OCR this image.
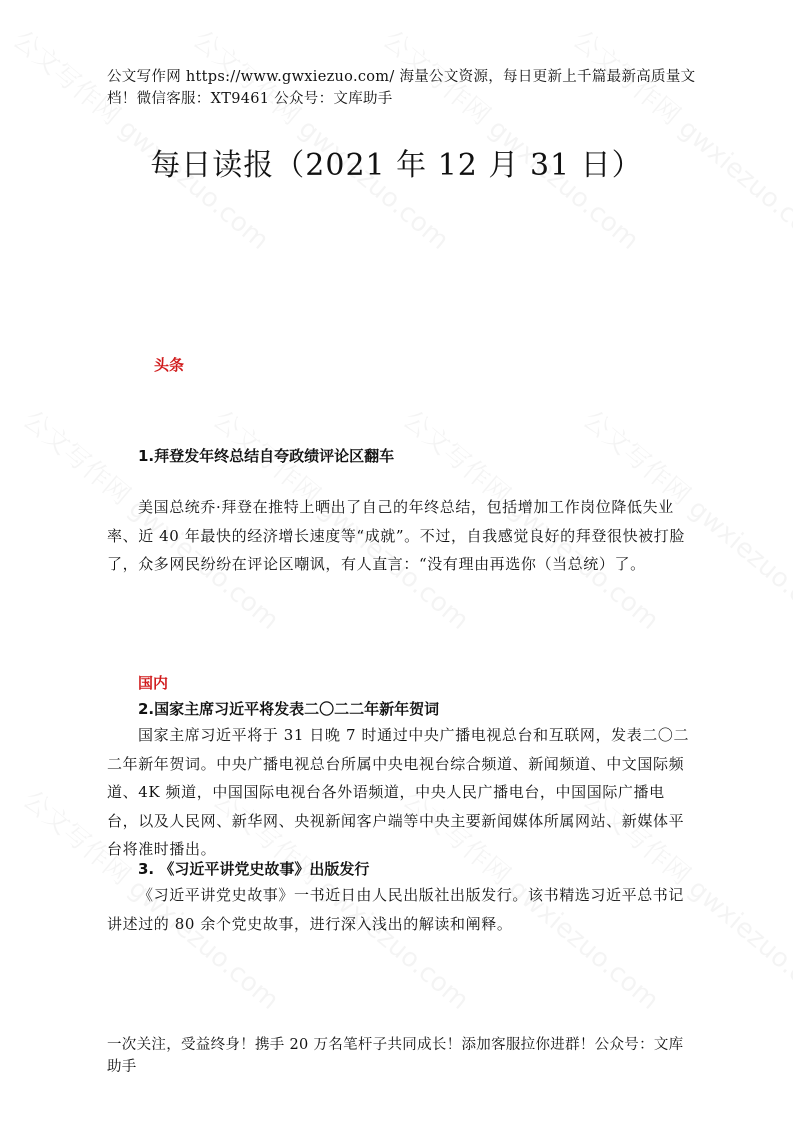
公文写作网 https://www.gwxiezuo.com/ 海量公文资源，每日更新上千篇最新高质量文档！微信客服：XT9461 公众号：文库助手
每日读报（2021 年 12 月 31 日）
头条
1.拜登发年终总结自夸政绩评论区翻车
美国总统乔·拜登在推特上晒出了自己的年终总结，包括增加工作岗位降低失业率、近 40 年最快的经济增长速度等“成就”。不过，自我感觉良好的拜登很快被打脸了，众多网民纷纷在评论区嘲讽，有人直言：“没有理由再选你（当总统）了。
国内
2.国家主席习近平将发表二〇二二年新年贺词
国家主席习近平将于 31 日晚 7 时通过中央广播电视总台和互联网，发表二〇二二年新年贺词。中央广播电视总台所属中央电视台综合频道、新闻频道、中文国际频道、4K 频道，中国国际电视台各外语频道，中央人民广播电台，中国国际广播电台，以及人民网、新华网、央视新闻客户端等中央主要新闻媒体所属网站、新媒体平台将准时播出。
3. 《习近平讲党史故事》出版发行
《习近平讲党史故事》一书近日由人民出版社出版发行。该书精选习近平总书记讲述过的 80 余个党史故事，进行深入浅出的解读和阐释。
一次关注，受益终身！携手 20 万名笔杆子共同成长！添加客服拉你进群！公众号：文库助手
